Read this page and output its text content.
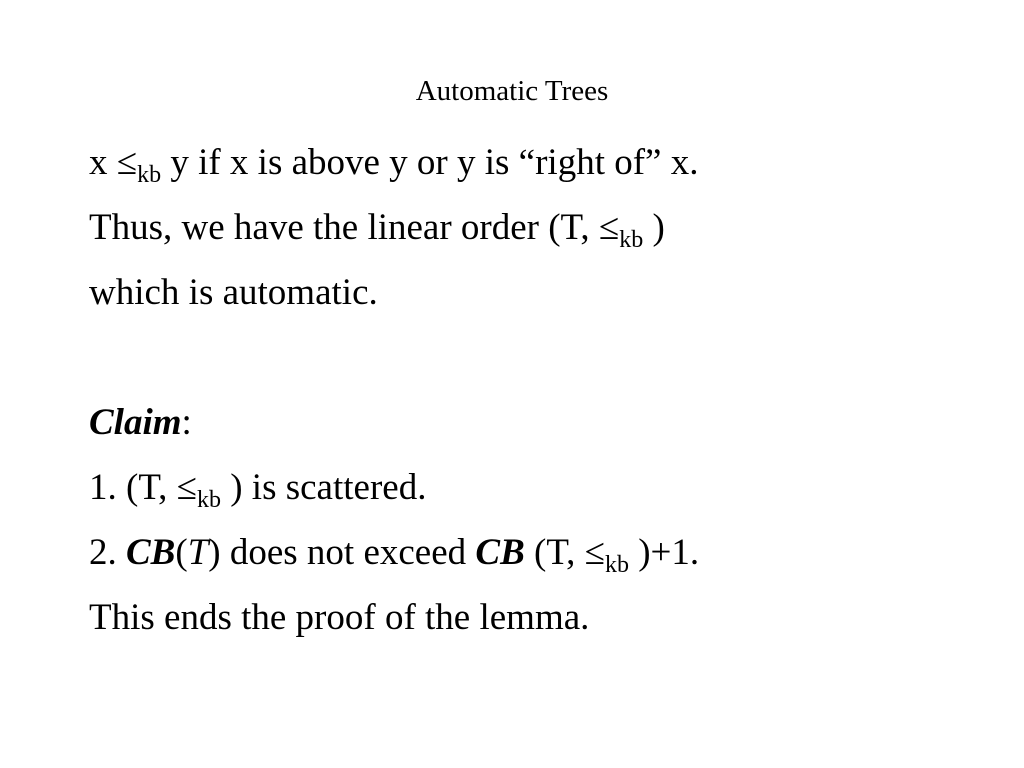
Automatic Trees
$x \le_{kb}$ y if x is above y or y is “right of” x.
Thus, we have the linear order (T, $\le_{kb}$ )
which is automatic.
Claim:
1. (T, $\le_{kb}$ ) is scattered.
2. CB(T) does not exceed CB (T, $\le_{kb}$ )+1.
This ends the proof of the lemma.
